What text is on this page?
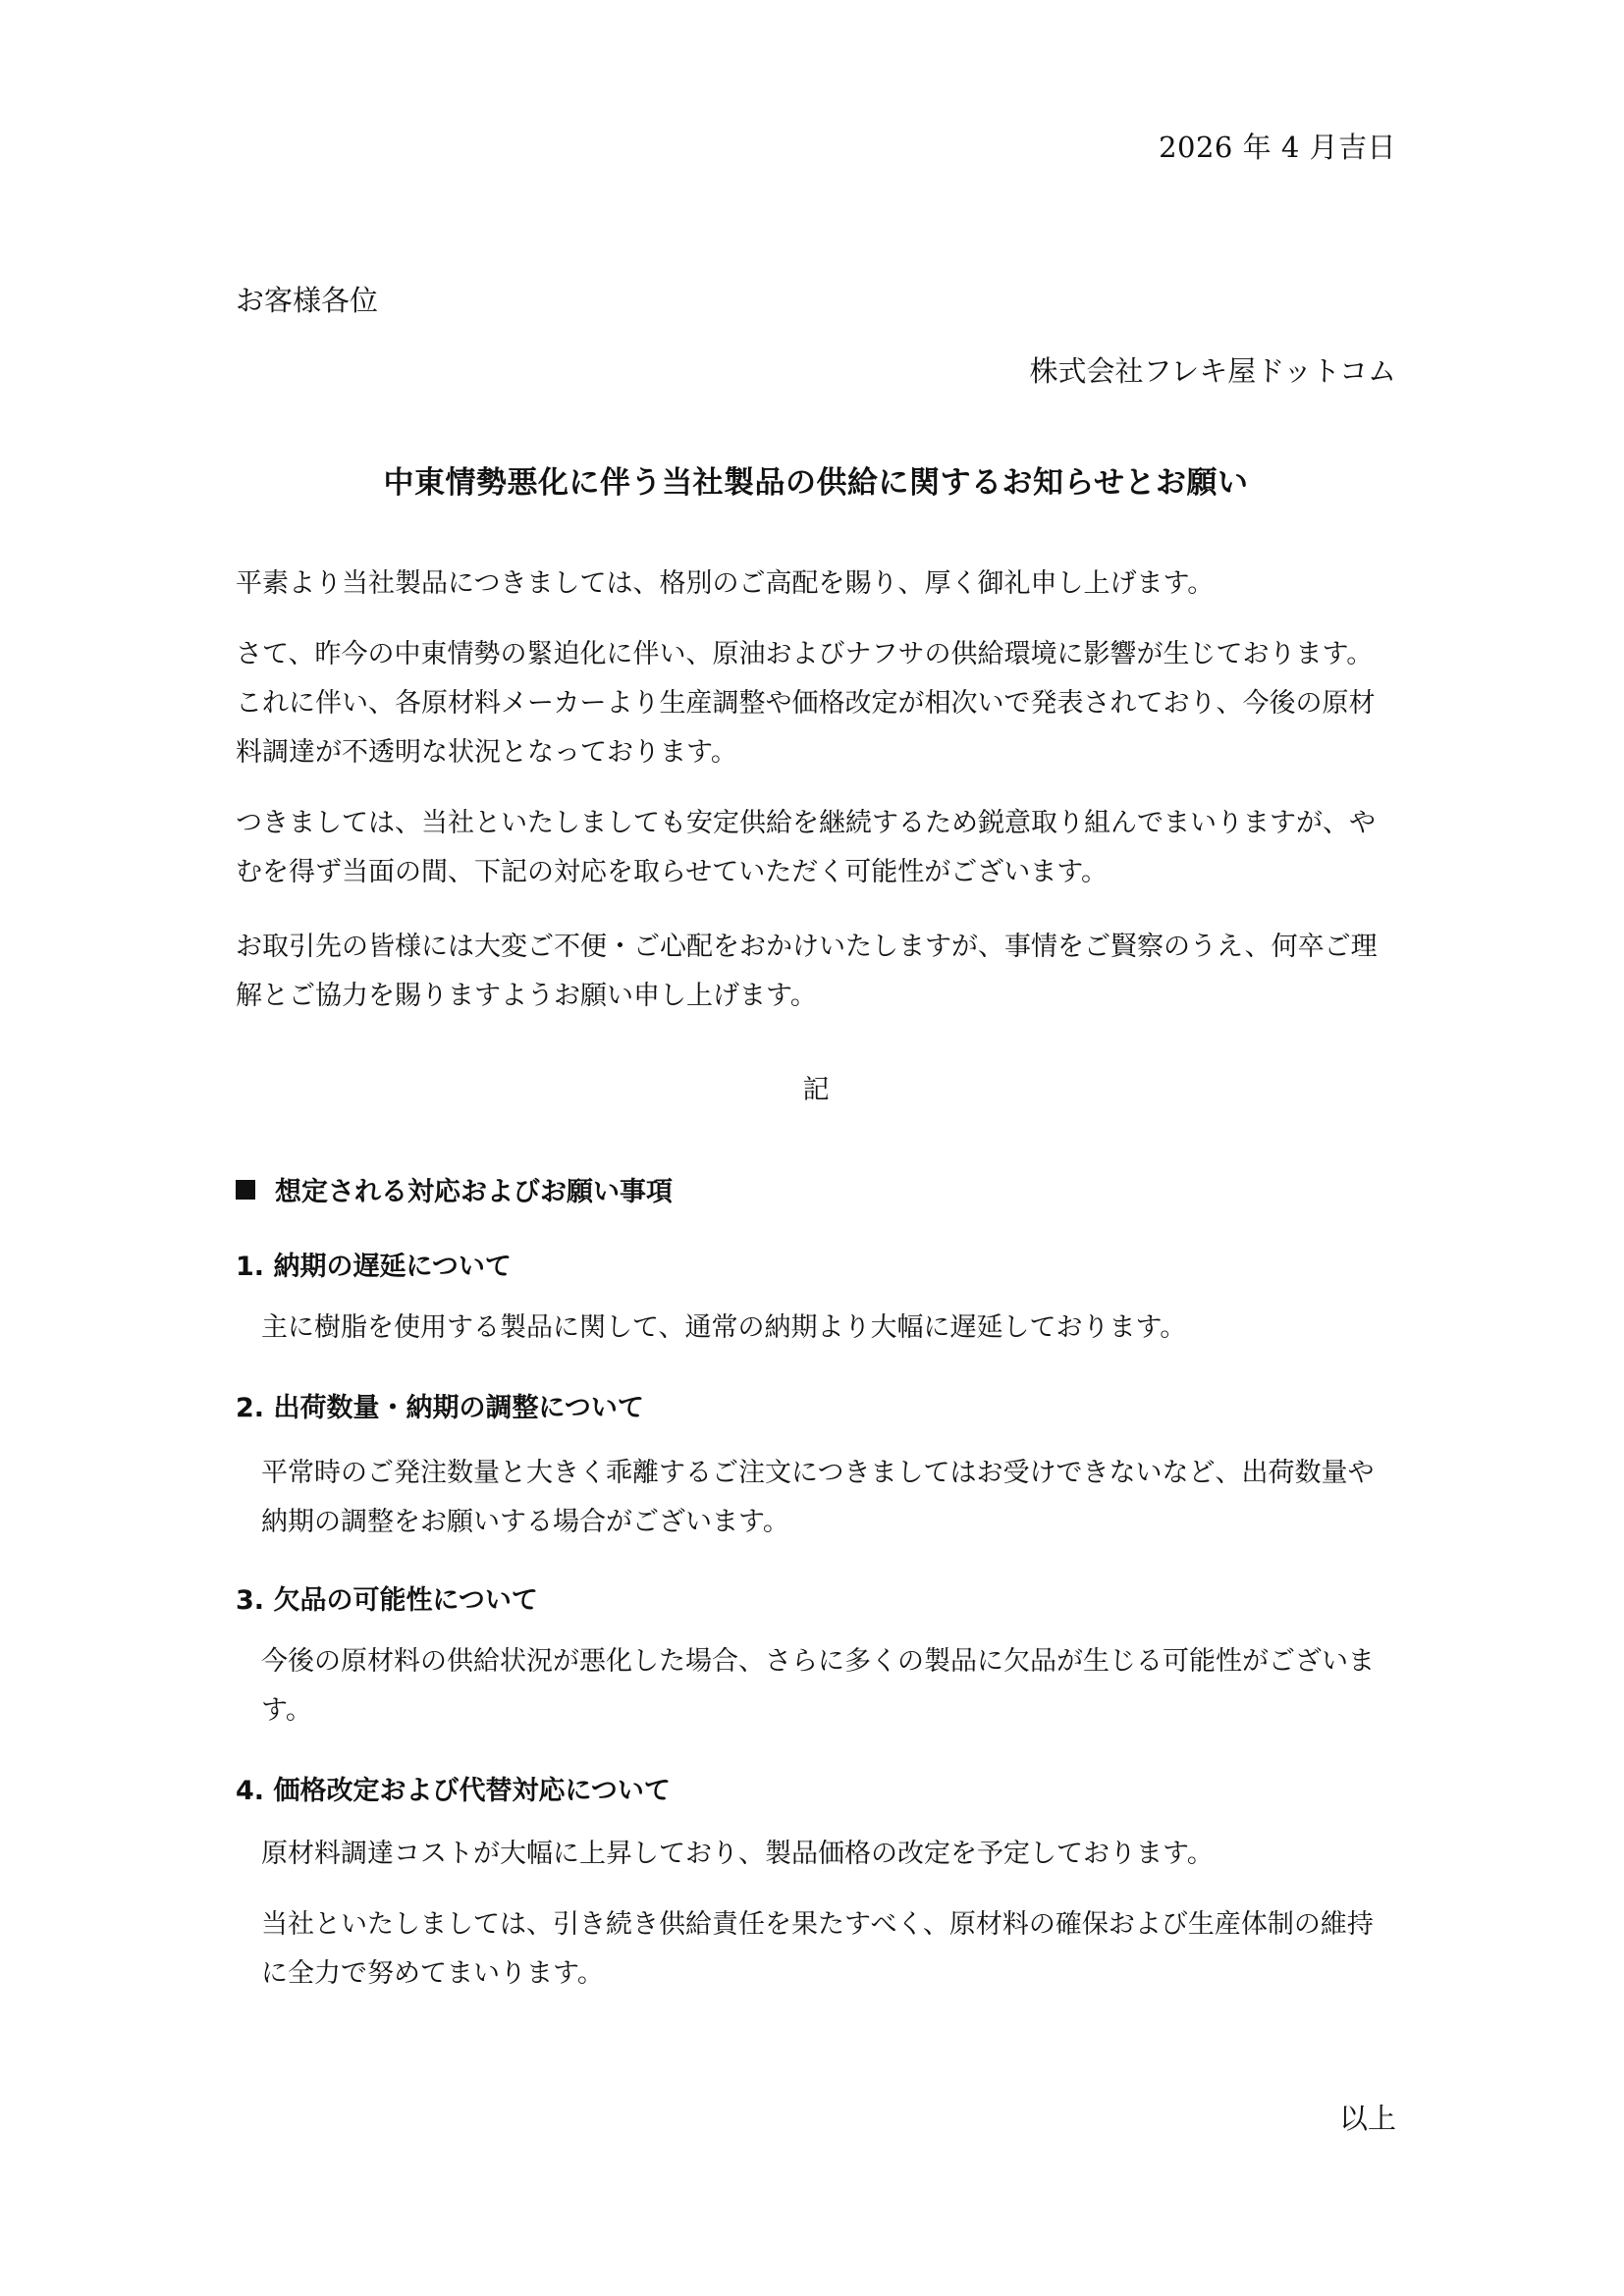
2026 年 4 月吉日
お客様各位
株式会社フレキ屋ドットコム
中東情勢悪化に伴う当社製品の供給に関するお知らせとお願い
平素より当社製品につきましては、格別のご高配を賜り、厚く御礼申し上げます。
さて、昨今の中東情勢の緊迫化に伴い、原油およびナフサの供給環境に影響が生じております。これに伴い、各原材料メーカーより生産調整や価格改定が相次いで発表されており、今後の原材料調達が不透明な状況となっております。
つきましては、当社といたしましても安定供給を継続するため鋭意取り組んでまいりますが、やむを得ず当面の間、下記の対応を取らせていただく可能性がございます。
お取引先の皆様には大変ご不便・ご心配をおかけいたしますが、事情をご賢察のうえ、何卒ご理解とご協力を賜りますようお願い申し上げます。
記
想定される対応およびお願い事項
1. 納期の遅延について
主に樹脂を使用する製品に関して、通常の納期より大幅に遅延しております。
2. 出荷数量・納期の調整について
平常時のご発注数量と大きく乖離するご注文につきましてはお受けできないなど、出荷数量や納期の調整をお願いする場合がございます。
3. 欠品の可能性について
今後の原材料の供給状況が悪化した場合、さらに多くの製品に欠品が生じる可能性がございます。
4. 価格改定および代替対応について
原材料調達コストが大幅に上昇しており、製品価格の改定を予定しております。
当社といたしましては、引き続き供給責任を果たすべく、原材料の確保および生産体制の維持に全力で努めてまいります。
以上
